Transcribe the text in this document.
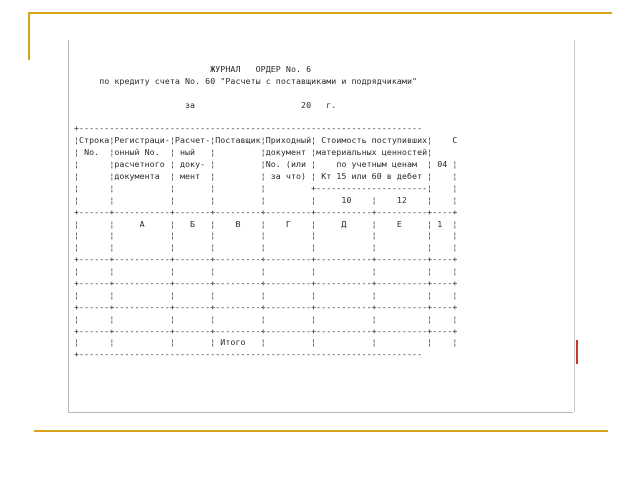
ЖУРНАЛ   ОРДЕР No. 6
по кредиту счета No. 60 "Расчеты с поставщиками и подрядчиками"
за                     20   г.
+--------------------------------------------------------------------
¦Строка¦Регистраци-¦Расчет-¦Поставщик¦Приходный¦ Стоимость поступивших¦    С
¦ No.  ¦онный No.  ¦ ный   ¦         ¦документ ¦материальных ценностей¦
¦      ¦расчетного ¦ доку- ¦         ¦No. (или ¦    по учетным ценам  ¦ 04 ¦
¦      ¦документа  ¦ мент  ¦         ¦ за что) ¦ Кт 15 или 60 в дебет ¦    ¦
¦      ¦           ¦       ¦         ¦         +----------------------¦    ¦
¦      ¦           ¦       ¦         ¦         ¦     10    ¦    12    ¦    ¦
+------+-----------+-------+---------+---------+-----------+----------+----+
¦      ¦     А     ¦   Б   ¦    В    ¦    Г    ¦     Д     ¦    Е     ¦ 1  ¦
¦      ¦           ¦       ¦         ¦         ¦           ¦          ¦    ¦
¦      ¦           ¦       ¦         ¦         ¦           ¦          ¦    ¦
+------+-----------+-------+---------+---------+-----------+----------+----+
¦      ¦           ¦       ¦         ¦         ¦           ¦          ¦    ¦
+------+-----------+-------+---------+---------+-----------+----------+----+
¦      ¦           ¦       ¦         ¦         ¦           ¦          ¦    ¦
+------+-----------+-------+---------+---------+-----------+----------+----+
¦      ¦           ¦       ¦         ¦         ¦           ¦          ¦    ¦
+------+-----------+-------+---------+---------+-----------+----------+----+
¦      ¦           ¦       ¦ Итого   ¦         ¦           ¦          ¦    ¦
+--------------------------------------------------------------------
